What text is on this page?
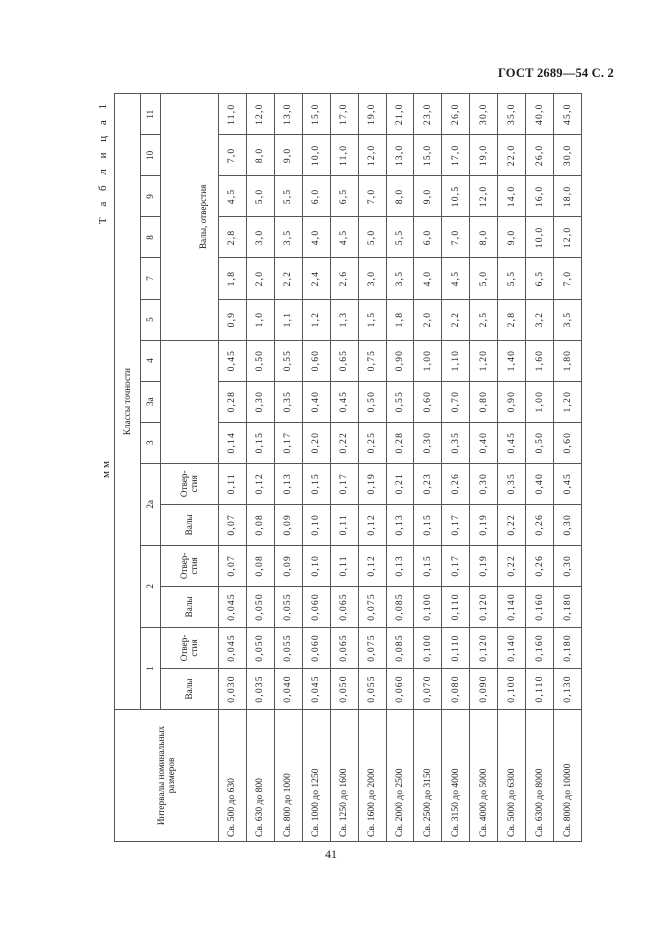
ГОСТ 2689—54 С. 2
Т а б л и ц а 1
мм
Интервалы номинальных размеров	Классы точности														
	1		2		2а		3	3а	4	5	7	8	9	10	11
	Валы	Отвер-стия	Валы	Отвер-стия	Валы	Отвер-стия									
										Валы, отверстия					
Св. 500 до 630	0,030	0,045	0,045	0,07	0,07	0,11	0,14	0,28	0,45	0,9	1,8	2,8	4,5	7,0	11,0
Св. 630 до 800	0,035	0,050	0,050	0,08	0,08	0,12	0,15	0,30	0,50	1,0	2,0	3,0	5,0	8,0	12,0
Св. 800 до 1000	0,040	0,055	0,055	0,09	0,09	0,13	0,17	0,35	0,55	1,1	2,2	3,5	5,5	9,0	13,0
Св. 1000 до 1250	0,045	0,060	0,060	0,10	0,10	0,15	0,20	0,40	0,60	1,2	2,4	4,0	6,0	10,0	15,0
Св. 1250 до 1600	0,050	0,065	0,065	0,11	0,11	0,17	0,22	0,45	0,65	1,3	2,6	4,5	6,5	11,0	17,0
Св. 1600 до 2000	0,055	0,075	0,075	0,12	0,12	0,19	0,25	0,50	0,75	1,5	3,0	5,0	7,0	12,0	19,0
Св. 2000 до 2500	0,060	0,085	0,085	0,13	0,13	0,21	0,28	0,55	0,90	1,8	3,5	5,5	8,0	13,0	21,0
Св. 2500 до 3150	0,070	0,100	0,100	0,15	0,15	0,23	0,30	0,60	1,00	2,0	4,0	6,0	9,0	15,0	23,0
Св. 3150 до 4000	0,080	0,110	0,110	0,17	0,17	0,26	0,35	0,70	1,10	2,2	4,5	7,0	10,5	17,0	26,0
Св. 4000 до 5000	0,090	0,120	0,120	0,19	0,19	0,30	0,40	0,80	1,20	2,5	5,0	8,0	12,0	19,0	30,0
Св. 5000 до 6300	0,100	0,140	0,140	0,22	0,22	0,35	0,45	0,90	1,40	2,8	5,5	9,0	14,0	22,0	35,0
Св. 6300 до 8000	0,110	0,160	0,160	0,26	0,26	0,40	0,50	1,00	1,60	3,2	6,5	10,0	16,0	26,0	40,0
Св. 8000 до 10000	0,130	0,180	0,180	0,30	0,30	0,45	0,60	1,20	1,80	3,5	7,0	12,0	18,0	30,0	45,0
41
